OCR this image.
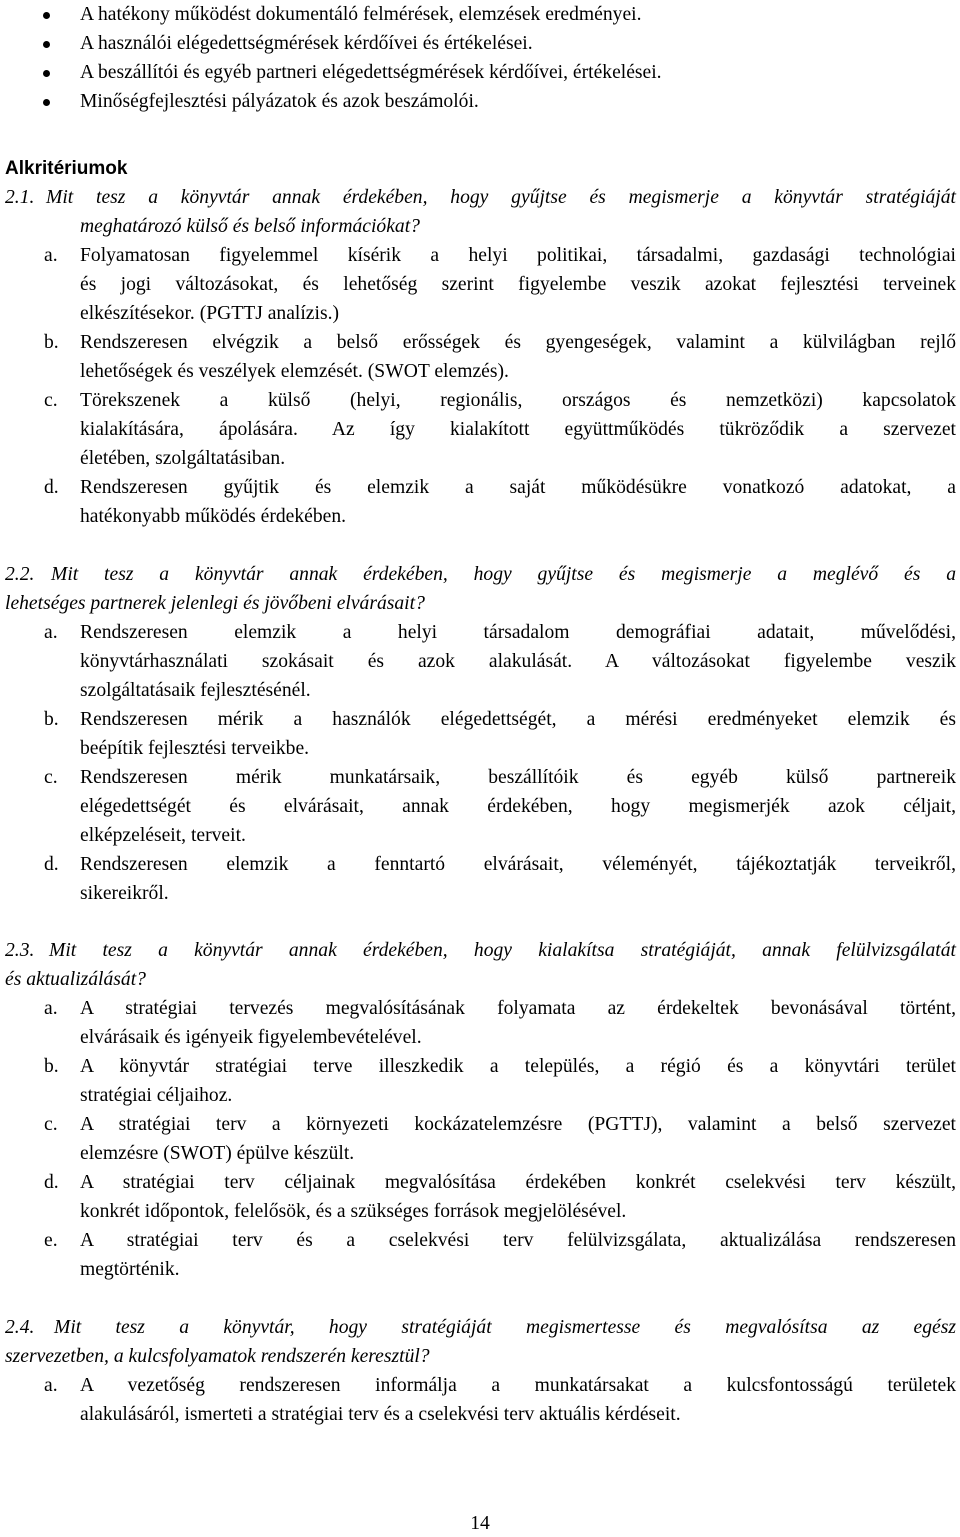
A hatékony működést dokumentáló felmérések, elemzések eredményei.
A használói elégedettségmérések kérdőívei és értékelései.
A beszállítói és egyéb partneri elégedettségmérések kérdőívei, értékelései.
Minőségfejlesztési pályázatok és azok beszámolói.
Alkritériumok
2.1. Mit tesz a könyvtár annak érdekében, hogy gyűjtse és megismerje a könyvtár stratégiáját
meghatározó külső és belső információkat?
a. Folyamatosan figyelemmel kísérik a helyi politikai, társadalmi, gazdasági technológiai
és jogi változásokat, és lehetőség szerint figyelembe veszik azokat fejlesztési terveinek
elkészítésekor. (PGTTJ analízis.)
b. Rendszeresen elvégzik a belső erősségek és gyengeségek, valamint a külvilágban rejlő
lehetőségek és veszélyek elemzését. (SWOT elemzés).
c. Törekszenek a külső (helyi, regionális, országos és nemzetközi) kapcsolatok
kialakítására, ápolására. Az így kialakított együttműködés tükröződik a szervezet
életében, szolgáltatásiban.
d. Rendszeresen gyűjtik és elemzik a saját működésükre vonatkozó adatokat, a
hatékonyabb működés érdekében.
2.2. Mit tesz a könyvtár annak érdekében, hogy gyűjtse és megismerje a meglévő és a
lehetséges partnerek jelenlegi és jövőbeni elvárásait?
a. Rendszeresen elemzik a helyi társadalom demográfiai adatait, művelődési,
könyvtárhasználati szokásait és azok alakulását. A változásokat figyelembe veszik
szolgáltatásaik fejlesztésénél.
b. Rendszeresen mérik a használók elégedettségét, a mérési eredményeket elemzik és
beépítik fejlesztési terveikbe.
c. Rendszeresen mérik munkatársaik, beszállítóik és egyéb külső partnereik
elégedettségét és elvárásait, annak érdekében, hogy megismerjék azok céljait,
elképzeléseit, terveit.
d. Rendszeresen elemzik a fenntartó elvárásait, véleményét, tájékoztatják terveikről,
sikereikről.
2.3. Mit tesz a könyvtár annak érdekében, hogy kialakítsa stratégiáját, annak felülvizsgálatát
és aktualizálását?
a. A stratégiai tervezés megvalósításának folyamata az érdekeltek bevonásával történt,
elvárásaik és igényeik figyelembevételével.
b. A könyvtár stratégiai terve illeszkedik a település, a régió és a könyvtári terület
stratégiai céljaihoz.
c. A stratégiai terv a környezeti kockázatelemzésre (PGTTJ), valamint a belső szervezet
elemzésre (SWOT) épülve készült.
d. A stratégiai terv céljainak megvalósítása érdekében konkrét cselekvési terv készült,
konkrét időpontok, felelősök, és a szükséges források megjelölésével.
e. A stratégiai terv és a cselekvési terv felülvizsgálata, aktualizálása rendszeresen
megtörténik.
2.4. Mit tesz a könyvtár, hogy stratégiáját megismertesse és megvalósítsa az egész
szervezetben, a kulcsfolyamatok rendszerén keresztül?
a. A vezetőség rendszeresen informálja a munkatársakat a kulcsfontosságú területek
alakulásáról, ismerteti a stratégiai terv és a cselekvési terv aktuális kérdéseit.
14
